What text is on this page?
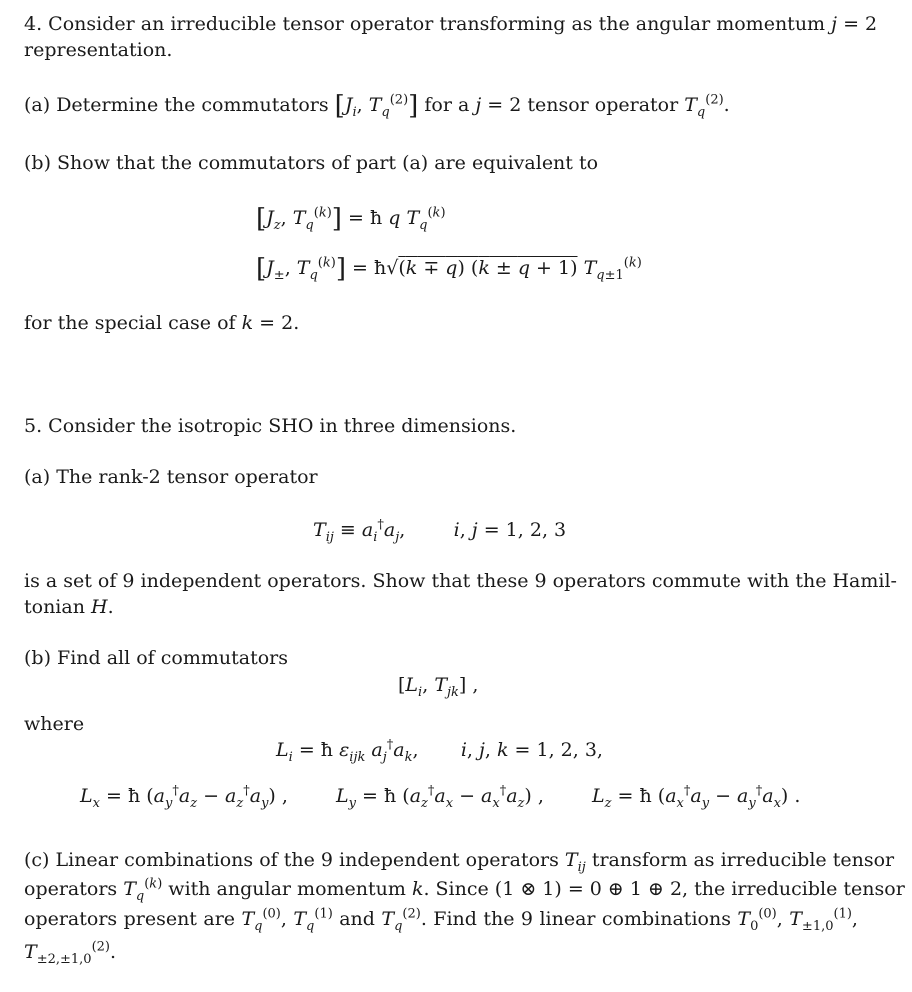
4. Consider an irreducible tensor operator transforming as the angular momentum j = 2
representation.
(a) Determine the commutators [$J_i$, $T_q^{(2)}$] for a j = 2 tensor operator $T_q^{(2)}$.
(b) Show that the commutators of part (a) are equivalent to
[$J_z$, $T_q^{(k)}$] = ħ q $T_q^{(k)}$
[$J_\pm$, $T_q^{(k)}$] = ħ√(k ∓ q) (k ± q + 1) $T_{q\pm 1}^{(k)}$
for the special case of k = 2.
5. Consider the isotropic SHO in three dimensions.
(a) The rank-2 tensor operator
$T_{ij} \equiv a_i^\dagger a_j$,        i, j = 1, 2, 3
is a set of 9 independent operators. Show that these 9 operators commute with the Hamil-
tonian H.
(b) Find all of commutators
[$L_i$, $T_{jk}$] ,
where
$L_i$ = ħ $\varepsilon_{ijk}$ $a_j^\dagger a_k$,       i, j, k = 1, 2, 3,
$L_x$ = ħ $(a_y^\dagger a_z - a_z^\dagger a_y)$ ,	$L_y$ = ħ $(a_z^\dagger a_x - a_x^\dagger a_z)$ ,	$L_z$ = ħ $(a_x^\dagger a_y - a_y^\dagger a_x)$ .
(c) Linear combinations of the 9 independent operators $T_{ij}$ transform as irreducible tensor
operators $T_q^{(k)}$ with angular momentum k. Since (1 ⊗ 1) = 0 ⊕ 1 ⊕ 2, the irreducible tensor
operators present are $T_q^{(0)}$, $T_q^{(1)}$ and $T_q^{(2)}$. Find the 9 linear combinations $T_0^{(0)}$, $T_{\pm 1,0}^{(1)}$,
$T_{\pm 2,\pm 1,0}^{(2)}$.
